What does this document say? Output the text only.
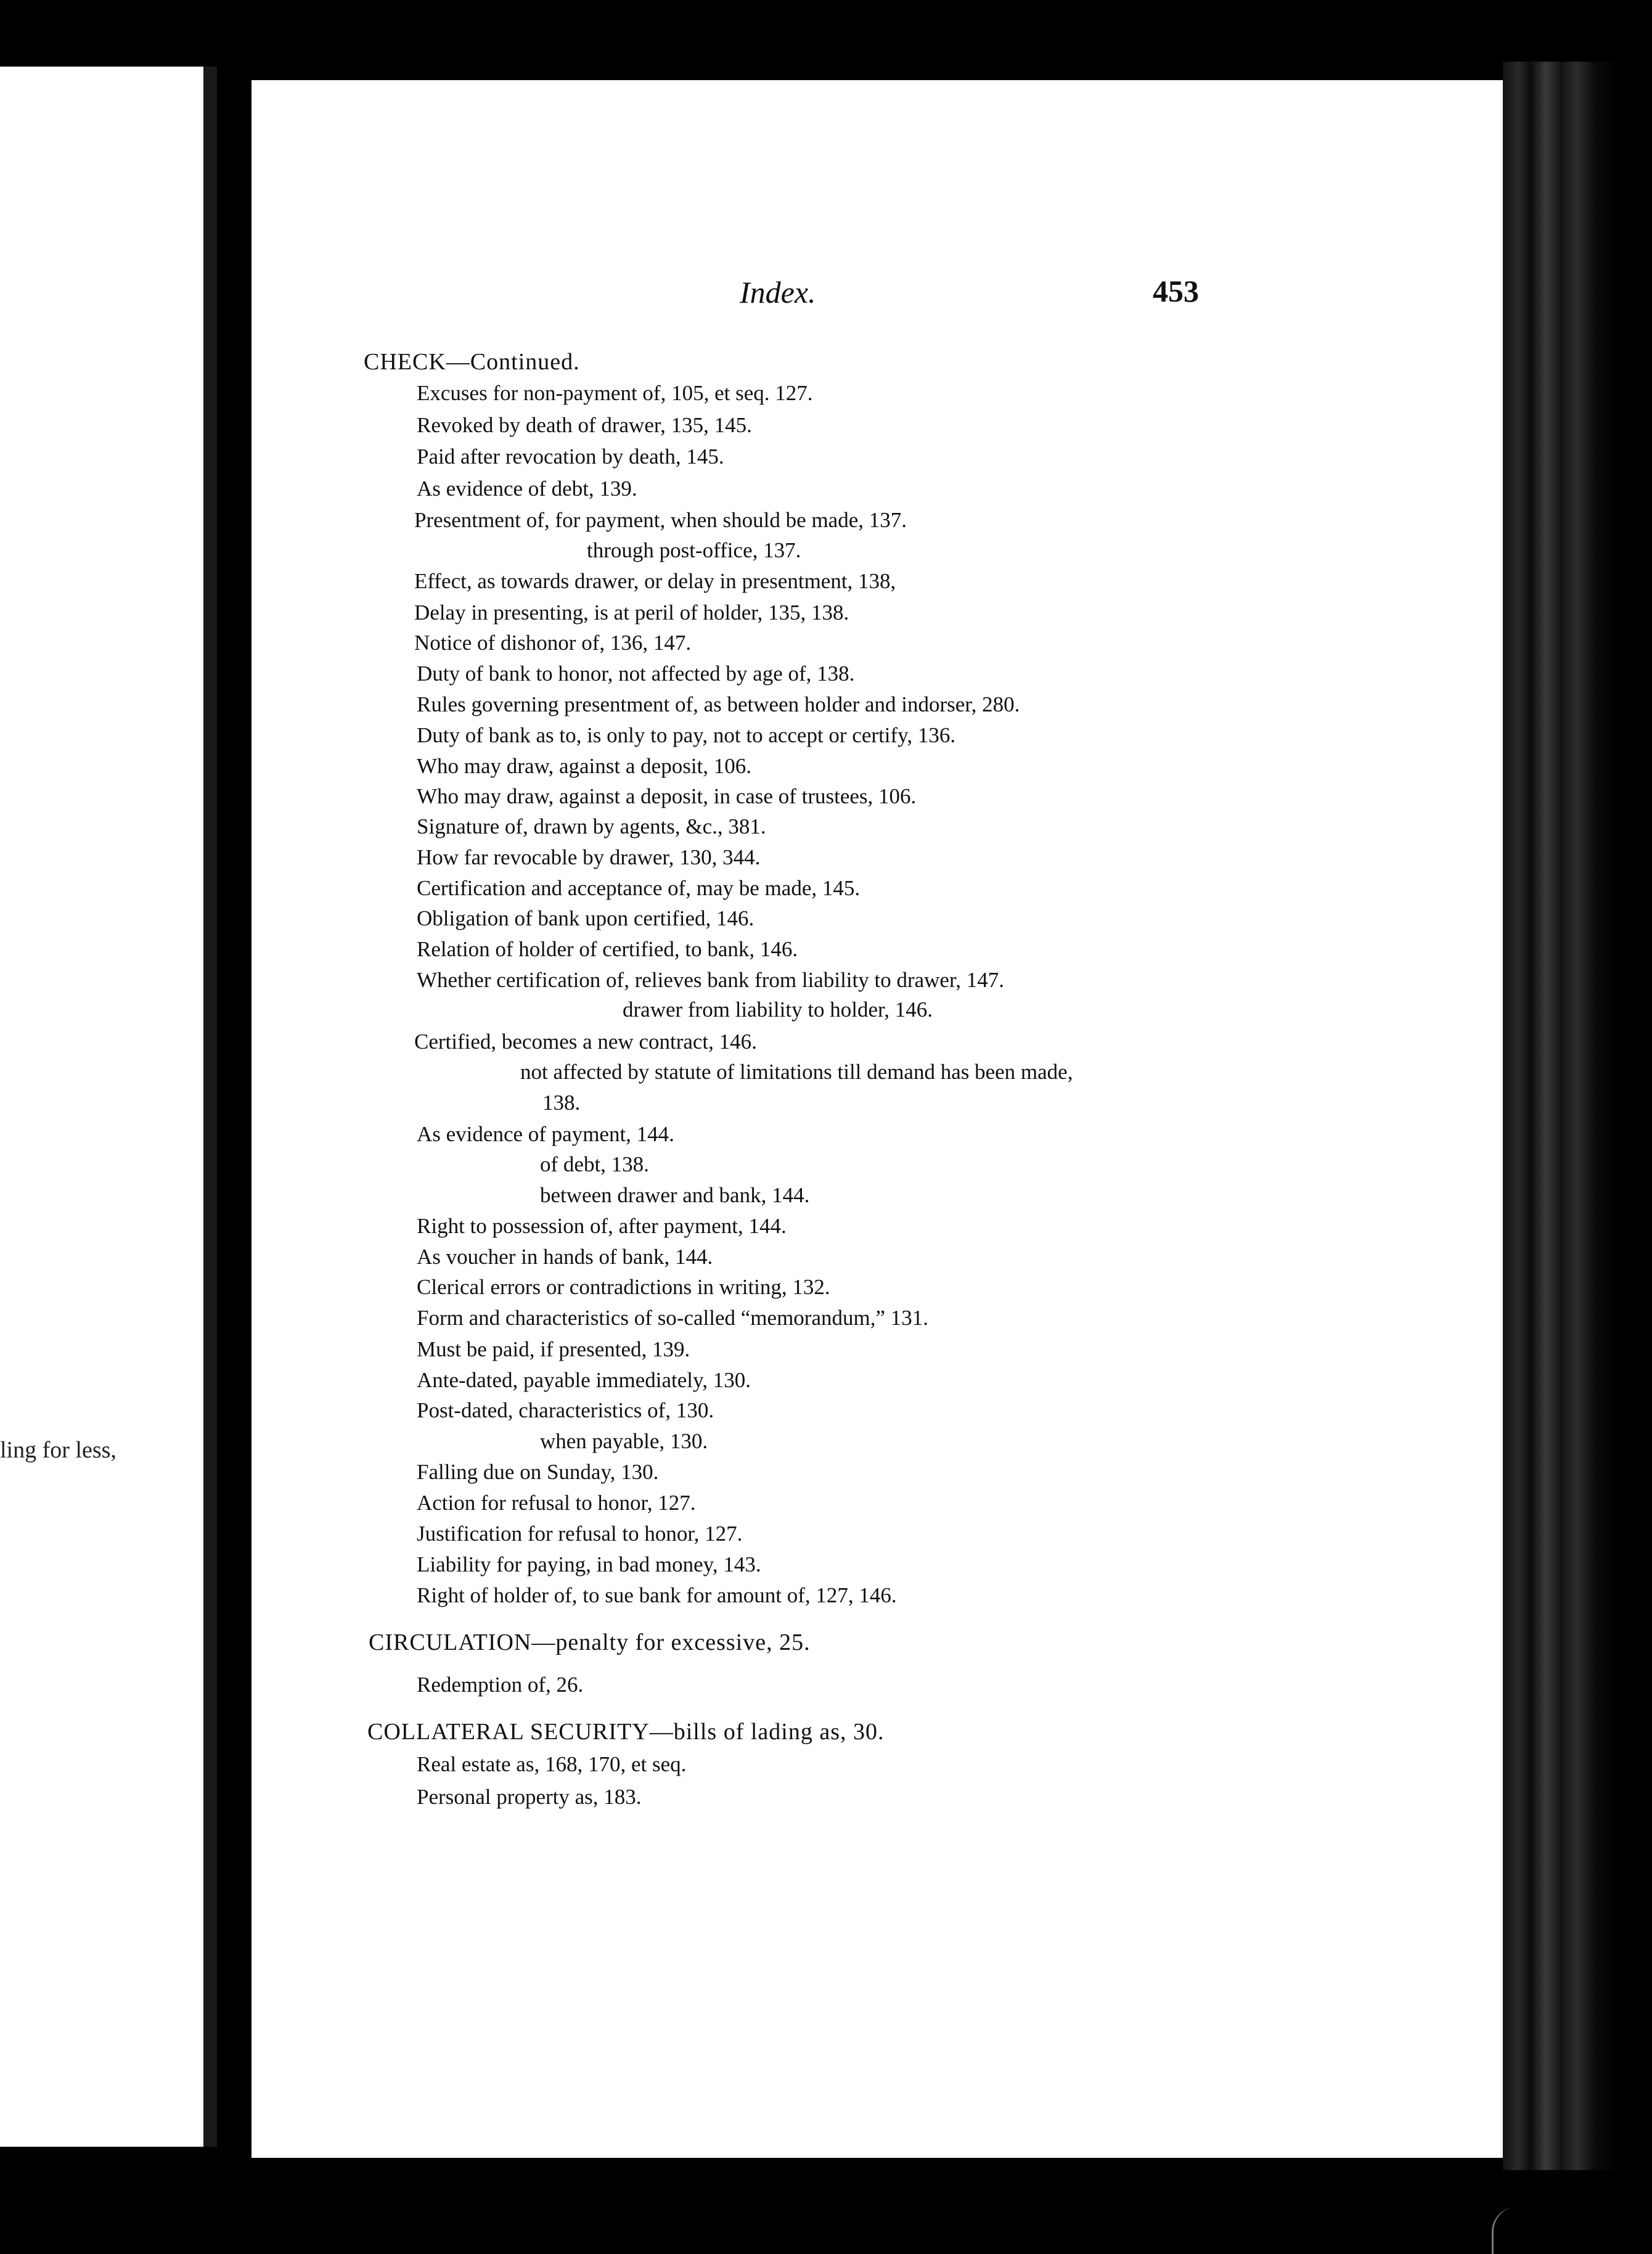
ling for less,
Index.	453
CHECK—Continued.
Excuses for non-payment of, 105, et seq. 127.
Revoked by death of drawer, 135, 145.
Paid after revocation by death, 145.
As evidence of debt, 139.
Presentment of, for payment, when should be made, 137.
through post-office, 137.
Effect, as towards drawer, or delay in presentment, 138,
Delay in presenting, is at peril of holder, 135, 138.
Notice of dishonor of, 136, 147.
Duty of bank to honor, not affected by age of, 138.
Rules governing presentment of, as between holder and indorser, 280.
Duty of bank as to, is only to pay, not to accept or certify, 136.
Who may draw, against a deposit, 106.
Who may draw, against a deposit, in case of trustees, 106.
Signature of, drawn by agents, &c., 381.
How far revocable by drawer, 130, 344.
Certification and acceptance of, may be made, 145.
Obligation of bank upon certified, 146.
Relation of holder of certified, to bank, 146.
Whether certification of, relieves bank from liability to drawer, 147.
drawer from liability to holder, 146.
Certified, becomes a new contract, 146.
not affected by statute of limitations till demand has been made,
138.
As evidence of payment, 144.
of debt, 138.
between drawer and bank, 144.
Right to possession of, after payment, 144.
As voucher in hands of bank, 144.
Clerical errors or contradictions in writing, 132.
Form and characteristics of so-called “memorandum,” 131.
Must be paid, if presented, 139.
Ante-dated, payable immediately, 130.
Post-dated, characteristics of, 130.
when payable, 130.
Falling due on Sunday, 130.
Action for refusal to honor, 127.
Justification for refusal to honor, 127.
Liability for paying, in bad money, 143.
Right of holder of, to sue bank for amount of, 127, 146.
CIRCULATION—penalty for excessive, 25.
Redemption of, 26.
COLLATERAL SECURITY—bills of lading as, 30.
Real estate as, 168, 170, et seq.
Personal property as, 183.
